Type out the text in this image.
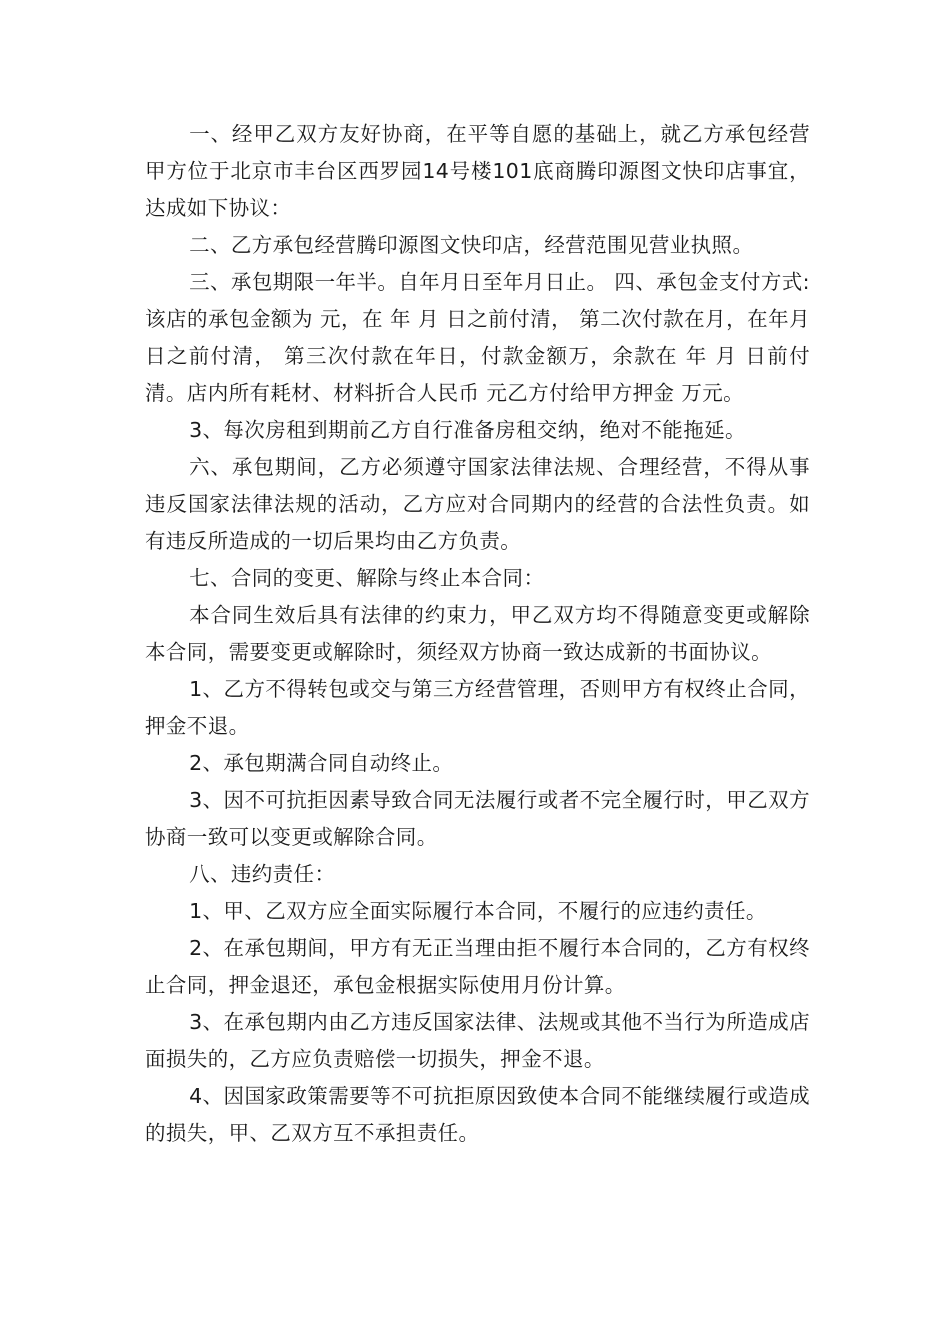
一、经甲乙双方友好协商，在平等自愿的基础上，就乙方承包经营甲方位于北京市丰台区西罗园14号楼101底商腾印源图文快印店事宜，达成如下协议：

二、乙方承包经营腾印源图文快印店，经营范围见营业执照。

三、承包期限一年半。自年月日至年月日止。 四、承包金支付方式:该店的承包金额为 元，在 年 月 日之前付清， 第二次付款在月，在年月日之前付清， 第三次付款在年日，付款金额万，余款在 年 月 日前付清。店内所有耗材、材料折合人民币 元乙方付给甲方押金 万元。

3、每次房租到期前乙方自行准备房租交纳，绝对不能拖延。

六、承包期间，乙方必须遵守国家法律法规、合理经营，不得从事违反国家法律法规的活动，乙方应对合同期内的经营的合法性负责。如有违反所造成的一切后果均由乙方负责。

七、合同的变更、解除与终止本合同：

本合同生效后具有法律的约束力，甲乙双方均不得随意变更或解除本合同，需要变更或解除时，须经双方协商一致达成新的书面协议。

1、乙方不得转包或交与第三方经营管理，否则甲方有权终止合同，押金不退。

2、承包期满合同自动终止。

3、因不可抗拒因素导致合同无法履行或者不完全履行时，甲乙双方协商一致可以变更或解除合同。

八、违约责任：

1、甲、乙双方应全面实际履行本合同，不履行的应违约责任。

2、在承包期间，甲方有无正当理由拒不履行本合同的，乙方有权终止合同，押金退还，承包金根据实际使用月份计算。

3、在承包期内由乙方违反国家法律、法规或其他不当行为所造成店面损失的，乙方应负责赔偿一切损失，押金不退。

4、因国家政策需要等不可抗拒原因致使本合同不能继续履行或造成的损失，甲、乙双方互不承担责任。
